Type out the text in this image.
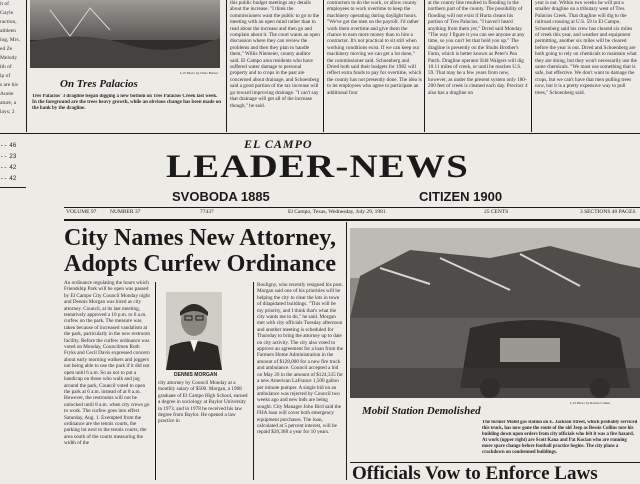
it of
Gayle
raction,
athleen
ing, Mrs.
ed Ze
Melody
ith of
ip of
s are his
Aunte
ature, a
lays; 2
L-N Photo by Chris Barber
On Tres Palacios
Tres Palacios' 3 dragline began digging a new bottom on Tres Palacios Creek last week. In the foreground are the trees heavy growth, while an obvious change has been made on the bank by the dragline.
this public budget meetings any details about the increase. "I think the commissioners want the public to go to the meeting with an open mind rather than to read about the increase and then go and complain about it. The court wants an open discussion where they can review the problems and then they plan to handle them," Willis Niemeier, county auditor said. El Campo area residents who have suffered water damage to personal property and to crops in the past are concerned about drainage, and Schoenberg said a good portion of the tax increase will go toward improving drainage. "I can't say that drainage will get all of the increase though," he said.
contractors to do the work, or allow county employees to work overtime to keep the machinery operating during daylight hours. "We've got the men on the payroll. I'd rather work them overtime and give them the chance to earn more money than to hire a contractor. It's not practical to sit still when working conditions exist. If we can keep our machinery moving we can get a lot done," the commissioner said. Schoenberg and Drred both said their budgets for 1982 will reflect extra funds to pay for overtime, which the county has not presently done. The idea is to let employees who agree to participate an additional four
at the county line resulted in flooding in the northern part of the county. The possibility of flooding will not exist if Hurta cleans his portion of Tres Palacios. "I haven't heard anything from them yet," Drred said Monday. "The way I figure it you can see anyone at any time, so you can't let that hold you up." The dragline is presently on the Shults Brother's Farm, which is better known as Peter's Pea Patch. Dragline operator Edd Walgers will dig 10.11 miles of creek, or until he reaches U.S. 59. That may be a few years from now, however, as under the present system only 180-200 feet of creek is cleaned each day. Precinct 4 also has a dragline on
year is out. Within two weeks he will put a smaller dragline on a tributary west of Tres Palacios Creek. That dragline will dig to the railroad crossing at U.S. 59 in El Campo. Schoenberg said his crew has cleared six miles of creek this year, and weather and equipment permitting, another six miles will be cleared before the year is out. Drred and Schoenberg are both going to rely on chemicals to maintain what they are doing, but they won't necessarily use the same chemicals. "We must use something that is safe, but effective. We don't want to damage the crops, but we can't have that men pulling trees now, but it is a pretty expensive way to pull trees," Schoenberg said.
-- 46
-- 23
-- 42
-- 42
EL CAMPO
LEADER-NEWS
SVOBODA 1885	CITIZEN 1900
VOLUME 97 NUMBER 37	77437	El Campo, Texas, Wednesday, July 29, 1981	25 CENTS	3 SECTIONS 40 PAGES
City Names New Attorney,
Adopts Curfew Ordinance
An ordinance regulating the hours which Friendship Park will be open was passed by El Campo City Council Monday night and Dennis Morgan was hired as city attorney. Council, at its last meeting, tentatively approved a 10 p.m. to 6 a.m. curfew on the park. The measure was taken because of increased vandalism at the park, particularly in the new restroom facility. Before the curfew ordinance was voted on Monday, Councilmen Ruth Fryks and Cecil Davis expressed concern about early morning walkers and joggers not being able to use the park if it did not open until 6 a.m. So as not to put a handicap on those who walk and jog around the park, Council voted to open the park at 6 a.m. instead of at 8 a.m. However, the restrooms will not be unlocked until 8 a.m. when city crews go to work. The curfew goes into effect Saturday, Aug. 1. Exempted from the ordinance are the tennis courts, the parking lot next to the tennis courts, the area south of the courts measuring the width of the
DENNIS MORGAN
city attorney by Council Monday at a monthly salary of $500. Morgan, a 1968 graduate of El Campo High School, earned a degree in sociology at Baylor University in 1973, and in 1978 he received his law degree from Baylor. He opened a law practice in
Bouligny, who recently resigned his post. Morgan said one of his priorities will be helping the city to clear the lots in town of dilapidated buildings. "This will be my priority, and I think that's what the city wants me to do," he said. Morgan met with city officials Tuesday afternoon and another meeting is scheduled for Thursday to bring the attorney up to date on city activity. The city also voted to approve an agreement for a loan from the Farmers Home Administration in the amount of $128,000 for a new fire truck and ambulance. Council accepted a bid on May 26 in the amount of $124,335 for a new American LaFrance 1,500 gallon per minute pumper. A single bid on an ambulance was rejected by Council two weeks ago and new bids are being sought. City Manager John Bird said the FHA loan will cover both emergency equipment purchases. The loan, calculated at 5 percent interest, will be repaid $20,368 a year for 10 years.
L-N Photo by Robert Cullen
Mobil Station Demolished
The former Mobil gas station on E. Jackson Street, which probably serviced this truck, has now gone the route of the old Jeep as Bessie Collins tore his building down upon orders from city officials who felt it was a fire hazard. At work (upper right) are Scott Kana and Pat Kocian who are running more spare change before football practice begins. The city plans a crackdown on condemned buildings.
Officials Vow to Enforce Laws
